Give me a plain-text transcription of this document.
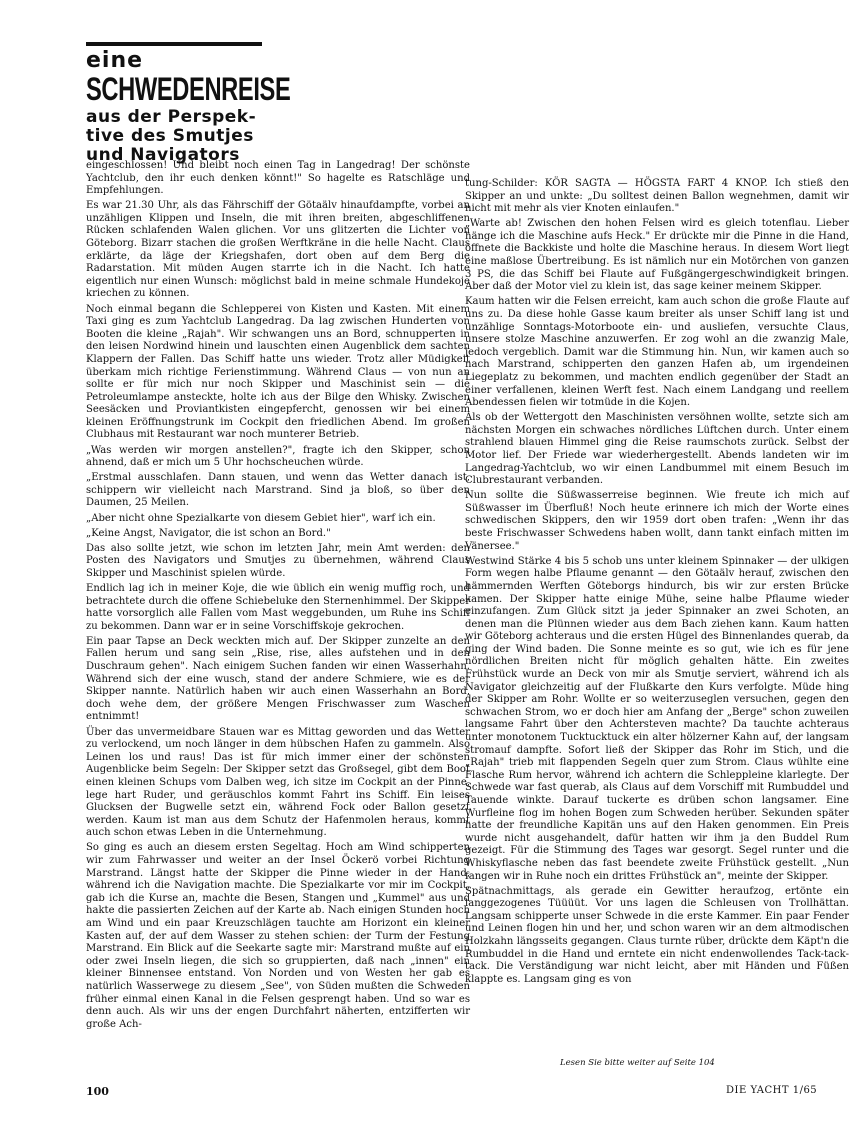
eine
SCHWEDENREISE
aus der Perspek-
tive des Smutjes
und Navigators

eingeschlossen! Und bleibt noch einen Tag in Langedrag! Der schönste Yachtclub, den ihr euch denken könnt!" So hagelte es Ratschläge und Empfehlungen.

Es war 21.30 Uhr, als das Fährschiff der Götaälv hinaufdampfte, vorbei an unzähligen Klippen und Inseln, die mit ihren breiten, abgeschliffenen Rücken schlafenden Walen glichen. Vor uns glitzerten die Lichter von Göteborg. Bizarr stachen die großen Werftkräne in die helle Nacht. Claus erklärte, da läge der Kriegshafen, dort oben auf dem Berg die Radarstation. Mit müden Augen starrte ich in die Nacht. Ich hatte eigentlich nur einen Wunsch: möglichst bald in meine schmale Hundekoje kriechen zu können.

Noch einmal begann die Schlepperei von Kisten und Kasten. Mit einem Taxi ging es zum Yachtclub Langedrag. Da lag zwischen Hunderten von Booten die kleine „Rajah". Wir schwangen uns an Bord, schnupperten in den leisen Nordwind hinein und lauschten einen Augenblick dem sachten Klappern der Fallen. Das Schiff hatte uns wieder. Trotz aller Müdigkeit überkam mich richtige Ferienstimmung. Während Claus — von nun an sollte er für mich nur noch Skipper und Maschinist sein — die Petroleumlampe ansteckte, holte ich aus der Bilge den Whisky. Zwischen Seesäcken und Proviantkisten eingepfercht, genossen wir bei einem kleinen Eröffnungstrunk im Cockpit den friedlichen Abend. Im großen Clubhaus mit Restaurant war noch munterer Betrieb.

„Was werden wir morgen anstellen?", fragte ich den Skipper, schon ahnend, daß er mich um 5 Uhr hochscheuchen würde.

„Erstmal ausschlafen. Dann stauen, und wenn das Wetter danach ist, schippern wir vielleicht nach Marstrand. Sind ja bloß, so über den Daumen, 25 Meilen.

„Aber nicht ohne Spezialkarte von diesem Gebiet hier", warf ich ein.

„Keine Angst, Navigator, die ist schon an Bord."

Das also sollte jetzt, wie schon im letzten Jahr, mein Amt werden: den Posten des Navigators und Smutjes zu übernehmen, während Claus Skipper und Maschinist spielen würde.

Endlich lag ich in meiner Koje, die wie üblich ein wenig muffig roch, und betrachtete durch die offene Schiebeluke den Sternenhimmel. Der Skipper hatte vorsorglich alle Fallen vom Mast weggebunden, um Ruhe ins Schiff zu bekommen. Dann war er in seine Vorschiffskoje gekrochen.

Ein paar Tapse an Deck weckten mich auf. Der Skipper zunzelte an den Fallen herum und sang sein „Rise, rise, alles aufstehen und in den Duschraum gehen". Nach einigem Suchen fanden wir einen Wasserhahn. Während sich der eine wusch, stand der andere Schmiere, wie es der Skipper nannte. Natürlich haben wir auch einen Wasserhahn an Bord, doch wehe dem, der größere Mengen Frischwasser zum Waschen entnimmt!

Über das unvermeidbare Stauen war es Mittag geworden und das Wetter zu verlockend, um noch länger in dem hübschen Hafen zu gammeln. Also Leinen los und raus! Das ist für mich immer einer der schönsten Augenblicke beim Segeln: Der Skipper setzt das Großsegel, gibt dem Boot einen kleinen Schups vom Dalben weg, ich sitze im Cockpit an der Pinne, lege hart Ruder, und geräuschlos kommt Fahrt ins Schiff. Ein leises Glucksen der Bugwelle setzt ein, während Fock oder Ballon gesetzt werden. Kaum ist man aus dem Schutz der Hafenmolen heraus, kommt auch schon etwas Leben in die Unternehmung.

So ging es auch an diesem ersten Segeltag. Hoch am Wind schipperten wir zum Fahrwasser und weiter an der Insel Öckerö vorbei Richtung Marstrand. Längst hatte der Skipper die Pinne wieder in der Hand, während ich die Navigation machte. Die Spezialkarte vor mir im Cockpit, gab ich die Kurse an, machte die Besen, Stangen und „Kummel" aus und hakte die passierten Zeichen auf der Karte ab. Nach einigen Stunden hoch am Wind und ein paar Kreuzschlägen tauchte am Horizont ein kleiner Kasten auf, der auf dem Wasser zu stehen schien: der Turm der Festung Marstrand. Ein Blick auf die Seekarte sagte mir: Marstrand mußte auf ein oder zwei Inseln liegen, die sich so gruppierten, daß nach „innen" ein kleiner Binnensee entstand. Von Norden und von Westen her gab es natürlich Wasserwege zu diesem „See", von Süden mußten die Schweden früher einmal einen Kanal in die Felsen gesprengt haben. Und so war es denn auch. Als wir uns der engen Durchfahrt näherten, entzifferten wir große Ach-

tung-Schilder: KÖR SAGTA — HÖGSTA FART 4 KNOP. Ich stieß den Skipper an und unkte: „Du solltest deinen Ballon wegnehmen, damit wir nicht mit mehr als vier Knoten einlaufen."

„Warte ab! Zwischen den hohen Felsen wird es gleich totenflau. Lieber hänge ich die Maschine aufs Heck." Er drückte mir die Pinne in die Hand, öffnete die Backkiste und holte die Maschine heraus. In diesem Wort liegt eine maßlose Übertreibung. Es ist nämlich nur ein Motörchen von ganzen 3 PS, die das Schiff bei Flaute auf Fußgängergeschwindigkeit bringen. Aber daß der Motor viel zu klein ist, das sage keiner meinem Skipper.

Kaum hatten wir die Felsen erreicht, kam auch schon die große Flaute auf uns zu. Da diese hohle Gasse kaum breiter als unser Schiff lang ist und unzählige Sonntags-Motorboote ein- und ausliefen, versuchte Claus, unsere stolze Maschine anzuwerfen. Er zog wohl an die zwanzig Male, jedoch vergeblich. Damit war die Stimmung hin. Nun, wir kamen auch so nach Marstrand, schipperten den ganzen Hafen ab, um irgendeinen Liegeplatz zu bekommen, und machten endlich gegenüber der Stadt an einer verfallenen, kleinen Werft fest. Nach einem Landgang und reellem Abendessen fielen wir totmüde in die Kojen.

Als ob der Wettergott den Maschinisten versöhnen wollte, setzte sich am nächsten Morgen ein schwaches nördliches Lüftchen durch. Unter einem strahlend blauen Himmel ging die Reise raumschots zurück. Selbst der Motor lief. Der Friede war wiederhergestellt. Abends landeten wir im Langedrag-Yachtclub, wo wir einen Landbummel mit einem Besuch im Clubrestaurant verbanden.

Nun sollte die Süßwasserreise beginnen. Wie freute ich mich auf Süßwasser im Überfluß! Noch heute erinnere ich mich der Worte eines schwedischen Skippers, den wir 1959 dort oben trafen: „Wenn ihr das beste Frischwasser Schwedens haben wollt, dann tankt einfach mitten im Vänersee."

Westwind Stärke 4 bis 5 schob uns unter kleinem Spinnaker — der ulkigen Form wegen halbe Pflaume genannt — den Götaälv herauf, zwischen den hämmernden Werften Göteborgs hindurch, bis wir zur ersten Brücke kamen. Der Skipper hatte einige Mühe, seine halbe Pflaume wieder einzufangen. Zum Glück sitzt ja jeder Spinnaker an zwei Schoten, an denen man die Plünnen wieder aus dem Bach ziehen kann. Kaum hatten wir Göteborg achteraus und die ersten Hügel des Binnenlandes querab, da ging der Wind baden. Die Sonne meinte es so gut, wie ich es für jene nördlichen Breiten nicht für möglich gehalten hätte. Ein zweites Frühstück wurde an Deck von mir als Smutje serviert, während ich als Navigator gleichzeitig auf der Flußkarte den Kurs verfolgte. Müde hing der Skipper am Rohr. Wollte er so weiterzuseglen versuchen, gegen den schwachen Strom, wo er doch hier am Anfang der „Berge" schon zuweilen langsame Fahrt über den Achtersteven machte? Da tauchte achteraus unter monotonem Tucktucktuck ein alter hölzerner Kahn auf, der langsam stromauf dampfte. Sofort ließ der Skipper das Rohr im Stich, und die „Rajah" trieb mit flappenden Segeln quer zum Strom. Claus wühlte eine Flasche Rum hervor, während ich achtern die Schleppleine klarlegte. Der Schwede war fast querab, als Claus auf dem Vorschiff mit Rumbuddel und Tauende winkte. Darauf tuckerte es drüben schon langsamer. Eine Wurfleine flog im hohen Bogen zum Schweden herüber. Sekunden später hatte der freundliche Kapitän uns auf den Haken genommen. Ein Preis wurde nicht ausgehandelt, dafür hatten wir ihm ja den Buddel Rum gezeigt. Für die Stimmung des Tages war gesorgt. Segel runter und die Whiskyflasche neben das fast beendete zweite Frühstück gestellt. „Nun fangen wir in Ruhe noch ein drittes Frühstück an", meinte der Skipper.

Spätnachmittags, als gerade ein Gewitter heraufzog, ertönte ein langgezogenes Tüüüüt. Vor uns lagen die Schleusen von Trollhättan. Langsam schipperte unser Schwede in die erste Kammer. Ein paar Fender und Leinen flogen hin und her, und schon waren wir an dem altmodischen Holzkahn längsseits gegangen. Claus turnte rüber, drückte dem Käpt'n die Rumbuddel in die Hand und erntete ein nicht endenwollendes Tack-tack-tack. Die Verständigung war nicht leicht, aber mit Händen und Füßen klappte es. Langsam ging es von

Lesen Sie bitte weiter auf Seite 104
100	DIE YACHT 1/65
